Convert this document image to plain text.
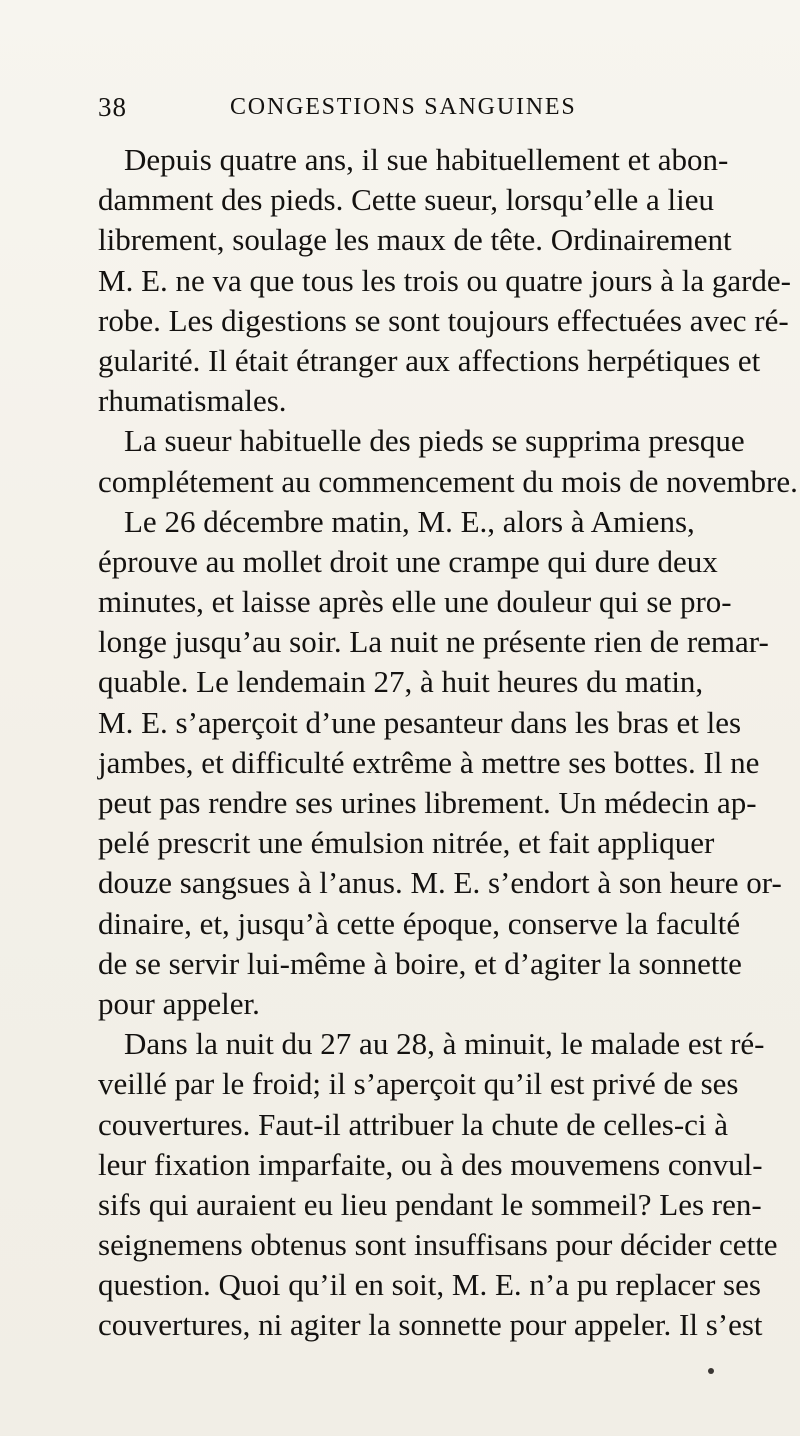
38	CONGESTIONS SANGUINES
Depuis quatre ans, il sue habituellement et abon-
damment des pieds. Cette sueur, lorsqu’elle a lieu
librement, soulage les maux de tête. Ordinairement
M. E. ne va que tous les trois ou quatre jours à la garde-
robe. Les digestions se sont toujours effectuées avec ré-
gularité. Il était étranger aux affections herpétiques et
rhumatismales.
La sueur habituelle des pieds se supprima presque
complétement au commencement du mois de novembre.
Le 26 décembre matin, M. E., alors à Amiens,
éprouve au mollet droit une crampe qui dure deux
minutes, et laisse après elle une douleur qui se pro-
longe jusqu’au soir. La nuit ne présente rien de remar-
quable. Le lendemain 27, à huit heures du matin,
M. E. s’aperçoit d’une pesanteur dans les bras et les
jambes, et difficulté extrême à mettre ses bottes. Il ne
peut pas rendre ses urines librement. Un médecin ap-
pelé prescrit une émulsion nitrée, et fait appliquer
douze sangsues à l’anus. M. E. s’endort à son heure or-
dinaire, et, jusqu’à cette époque, conserve la faculté
de se servir lui-même à boire, et d’agiter la sonnette
pour appeler.
Dans la nuit du 27 au 28, à minuit, le malade est ré-
veillé par le froid; il s’aperçoit qu’il est privé de ses
couvertures. Faut-il attribuer la chute de celles-ci à
leur fixation imparfaite, ou à des mouvemens convul-
sifs qui auraient eu lieu pendant le sommeil? Les ren-
seignemens obtenus sont insuffisans pour décider cette
question. Quoi qu’il en soit, M. E. n’a pu replacer ses
couvertures, ni agiter la sonnette pour appeler. Il s’est
